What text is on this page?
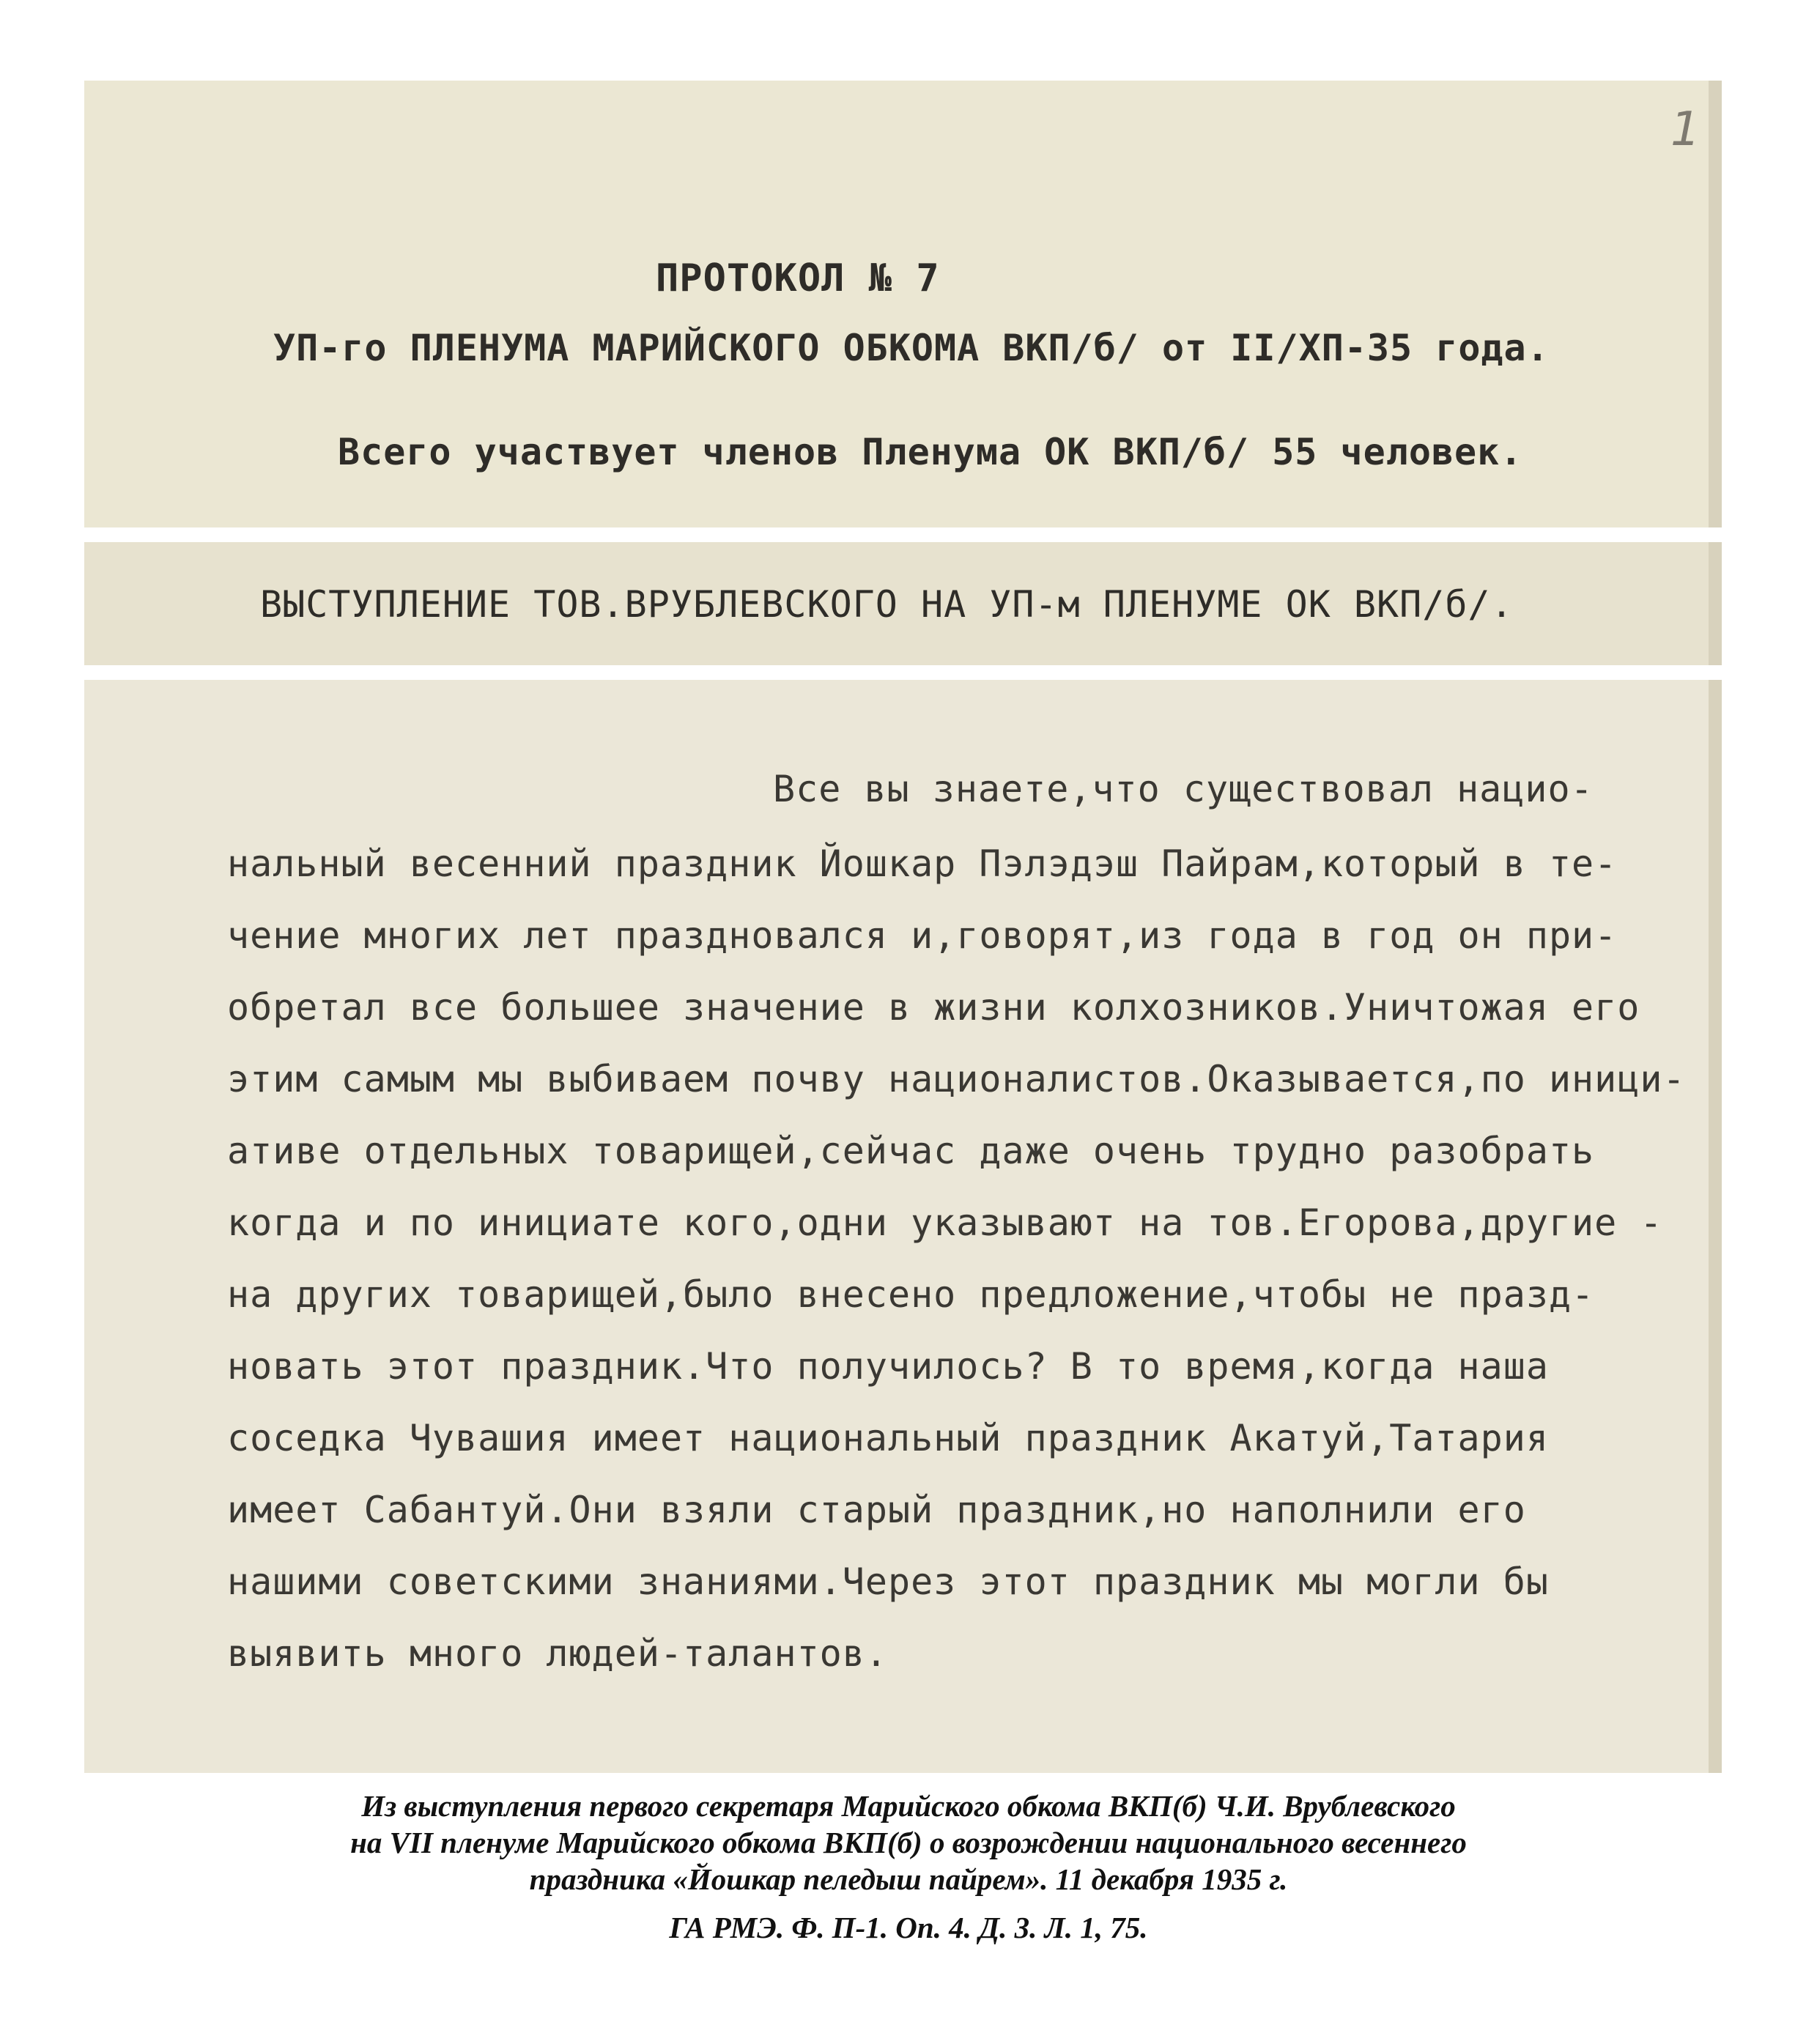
1
ПРОТОКОЛ № 7
УП-го ПЛЕНУМА МАРИЙСКОГО ОБКОМА ВКП/б/ от II/ХП-35 года.
Всего участвует членов Пленума ОК ВКП/б/ 55 человек.
ВЫСТУПЛЕНИЕ ТОВ.ВРУБЛЕВСКОГО НА УП-м ПЛЕНУМЕ ОК ВКП/б/.
Все вы знаете,что существовал нацио-
нальный весенний праздник Йошкар Пэлэдэш Пайрам,который в те-
чение многих лет праздновался и,говорят,из года в год он при-
обретал все большее значение в жизни колхозников.Уничтожая его
этим самым мы выбиваем почву националистов.Оказывается,по иници-
ативе отдельных товарищей,сейчас даже очень трудно разобрать
когда и по инициате кого,одни указывают на тов.Егорова,другие -
на других товарищей,было внесено предложение,чтобы не празд-
новать этот праздник.Что получилось? В то время,когда наша
соседка Чувашия имеет национальный праздник Акатуй,Татария
имеет Сабантуй.Они взяли старый праздник,но наполнили его
нашими советскими знаниями.Через этот праздник мы могли бы
выявить много людей-талантов.
Из выступления первого секретаря Марийского обкома ВКП(б) Ч.И. Врублевского
на VII пленуме Марийского обкома ВКП(б) о возрождении национального весеннего
праздника «Йошкар пеледыш пайрем». 11 декабря 1935 г.
ГА РМЭ. Ф. П-1. Оп. 4. Д. 3. Л. 1, 75.
